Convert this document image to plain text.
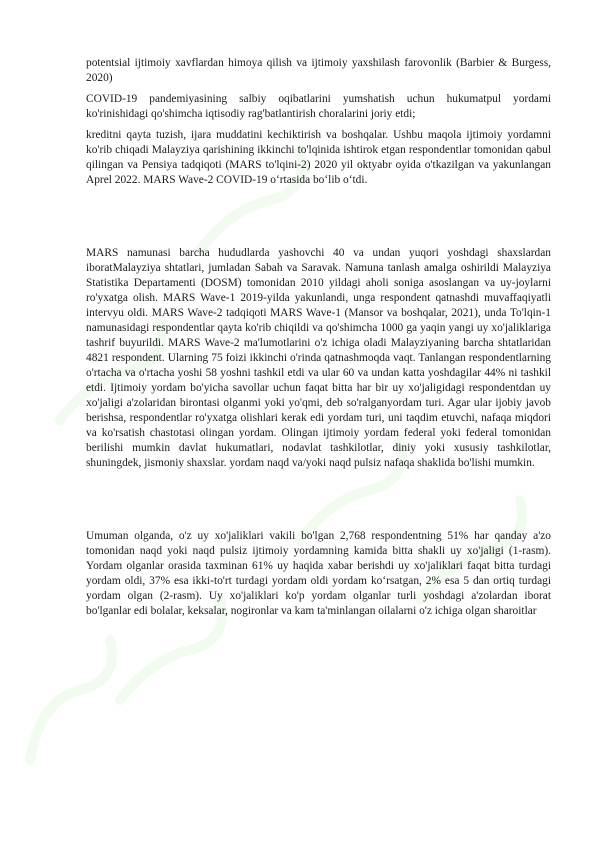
potentsial ijtimoiy xavflardan himoya qilish va ijtimoiy yaxshilash farovonlik (Barbier & Burgess, 2020)

COVID-19 pandemiyasining salbiy oqibatlarini yumshatish uchun hukumatpul yordami ko'rinishidagi qo'shimcha iqtisodiy rag'batlantirish choralarini joriy etdi;

kreditni qayta tuzish, ijara muddatini kechiktirish va boshqalar. Ushbu maqola ijtimoiy yordamni ko'rib chiqadi Malayziya qarishining ikkinchi to'lqinida ishtirok etgan respondentlar tomonidan qabul qilingan va Pensiya tadqiqoti (MARS to'lqini-2) 2020 yil oktyabr oyida o'tkazilgan va yakunlangan Aprel 2022. MARS Wave-2 COVID-19 o‘rtasida bo‘lib o‘tdi.

MARS namunasi barcha hududlarda yashovchi 40 va undan yuqori yoshdagi shaxslardan iboratMalayziya shtatlari, jumladan Sabah va Saravak. Namuna tanlash amalga oshirildi Malayziya Statistika Departamenti (DOSM) tomonidan 2010 yildagi aholi soniga asoslangan va uy-joylarni ro'yxatga olish. MARS Wave-1 2019-yilda yakunlandi, unga respondent qatnashdi muvaffaqiyatli intervyu oldi. MARS Wave-2 tadqiqoti MARS Wave-1 (Mansor va boshqalar, 2021), unda To'lqin-1 namunasidagi respondentlar qayta ko'rib chiqildi va qo'shimcha 1000 ga yaqin yangi uy xo'jaliklariga tashrif buyurildi. MARS Wave-2 ma'lumotlarini o'z ichiga oladi Malayziyaning barcha shtatlaridan 4821 respondent. Ularning 75 foizi ikkinchi o'rinda qatnashmoqda vaqt. Tanlangan respondentlarning o'rtacha va o'rtacha yoshi 58 yoshni tashkil etdi va ular 60 va undan katta yoshdagilar 44% ni tashkil etdi. Ijtimoiy yordam bo'yicha savollar uchun faqat bitta har bir uy xo'jaligidagi respondentdan uy xo'jaligi a'zolaridan birontasi olganmi yoki yo'qmi, deb so'ralganyordam turi. Agar ular ijobiy javob berishsa, respondentlar ro'yxatga olishlari kerak edi yordam turi, uni taqdim etuvchi, nafaqa miqdori va ko'rsatish chastotasi olingan yordam. Olingan ijtimoiy yordam federal yoki federal tomonidan berilishi mumkin davlat hukumatlari, nodavlat tashkilotlar, diniy yoki xususiy tashkilotlar, shuningdek, jismoniy shaxslar. yordam naqd va/yoki naqd pulsiz nafaqa shaklida bo'lishi mumkin.

Umuman olganda, o'z uy xo'jaliklari vakili bo'lgan 2,768 respondentning 51% har qanday a'zo tomonidan naqd yoki naqd pulsiz ijtimoiy yordamning kamida bitta shakli uy xo'jaligi (1-rasm). Yordam olganlar orasida taxminan 61% uy haqida xabar berishdi uy xo'jaliklari faqat bitta turdagi yordam oldi, 37% esa ikki-to'rt turdagi yordam oldi yordam ko‘rsatgan, 2% esa 5 dan ortiq turdagi yordam olgan (2-rasm). Uy xo'jaliklari ko'p yordam olganlar turli yoshdagi a'zolardan iborat bo'lganlar edi bolalar, keksalar, nogironlar va kam ta'minlangan oilalarni o'z ichiga olgan sharoitlar
